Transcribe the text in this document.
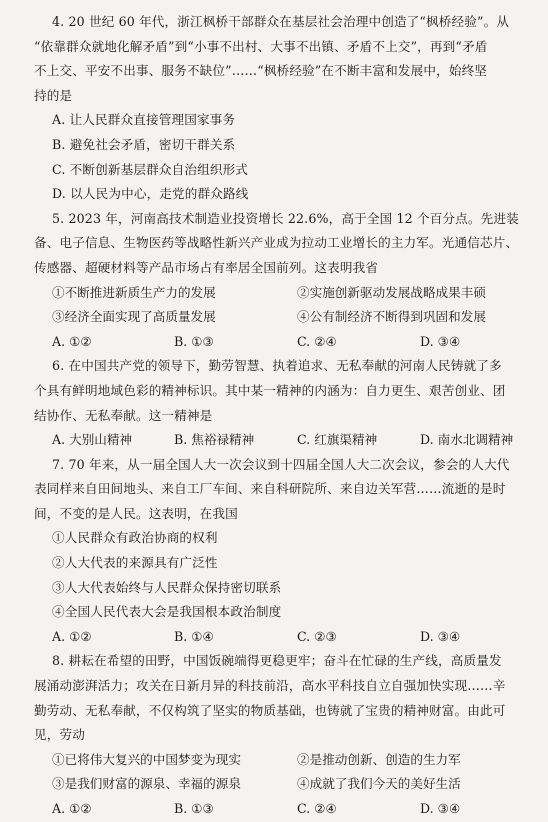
4. 20 世纪 60 年代，浙江枫桥干部群众在基层社会治理中创造了“枫桥经验”。从
“依靠群众就地化解矛盾”到“小事不出村、大事不出镇、矛盾不上交”，再到“矛盾
不上交、平安不出事、服务不缺位”……“枫桥经验”在不断丰富和发展中，始终坚
持的是
A. 让人民群众直接管理国家事务
B. 避免社会矛盾，密切干群关系
C. 不断创新基层群众自治组织形式
D. 以人民为中心，走党的群众路线
5. 2023 年，河南高技术制造业投资增长 22.6%，高于全国 12 个百分点。先进装
备、电子信息、生物医药等战略性新兴产业成为拉动工业增长的主力军。光通信芯片、
传感器、超硬材料等产品市场占有率居全国前列。这表明我省
①不断推进新质生产力的发展	②实施创新驱动发展战略成果丰硕
③经济全面实现了高质量发展	④公有制经济不断得到巩固和发展
A. ①②	B. ①③	C. ②④	D. ③④
6. 在中国共产党的领导下，勤劳智慧、执着追求、无私奉献的河南人民铸就了多
个具有鲜明地域色彩的精神标识。其中某一精神的内涵为：自力更生、艰苦创业、团
结协作、无私奉献。这一精神是
A. 大别山精神	B. 焦裕禄精神	C. 红旗渠精神	D. 南水北调精神
7. 70 年来，从一届全国人大一次会议到十四届全国人大二次会议，参会的人大代
表同样来自田间地头、来自工厂车间、来自科研院所、来自边关军营……流逝的是时
间，不变的是人民。这表明，在我国
①人民群众有政治协商的权利
②人大代表的来源具有广泛性
③人大代表始终与人民群众保持密切联系
④全国人民代表大会是我国根本政治制度
A. ①②	B. ①④	C. ②③	D. ③④
8. 耕耘在希望的田野，中国饭碗端得更稳更牢；奋斗在忙碌的生产线，高质量发
展涌动澎湃活力；攻关在日新月异的科技前沿，高水平科技自立自强加快实现……辛
勤劳动、无私奉献，不仅构筑了坚实的物质基础，也铸就了宝贵的精神财富。由此可
见，劳动
①已将伟大复兴的中国梦变为现实	②是推动创新、创造的生力军
③是我们财富的源泉、幸福的源泉	④成就了我们今天的美好生活
A. ①②	B. ①③	C. ②④	D. ③④
